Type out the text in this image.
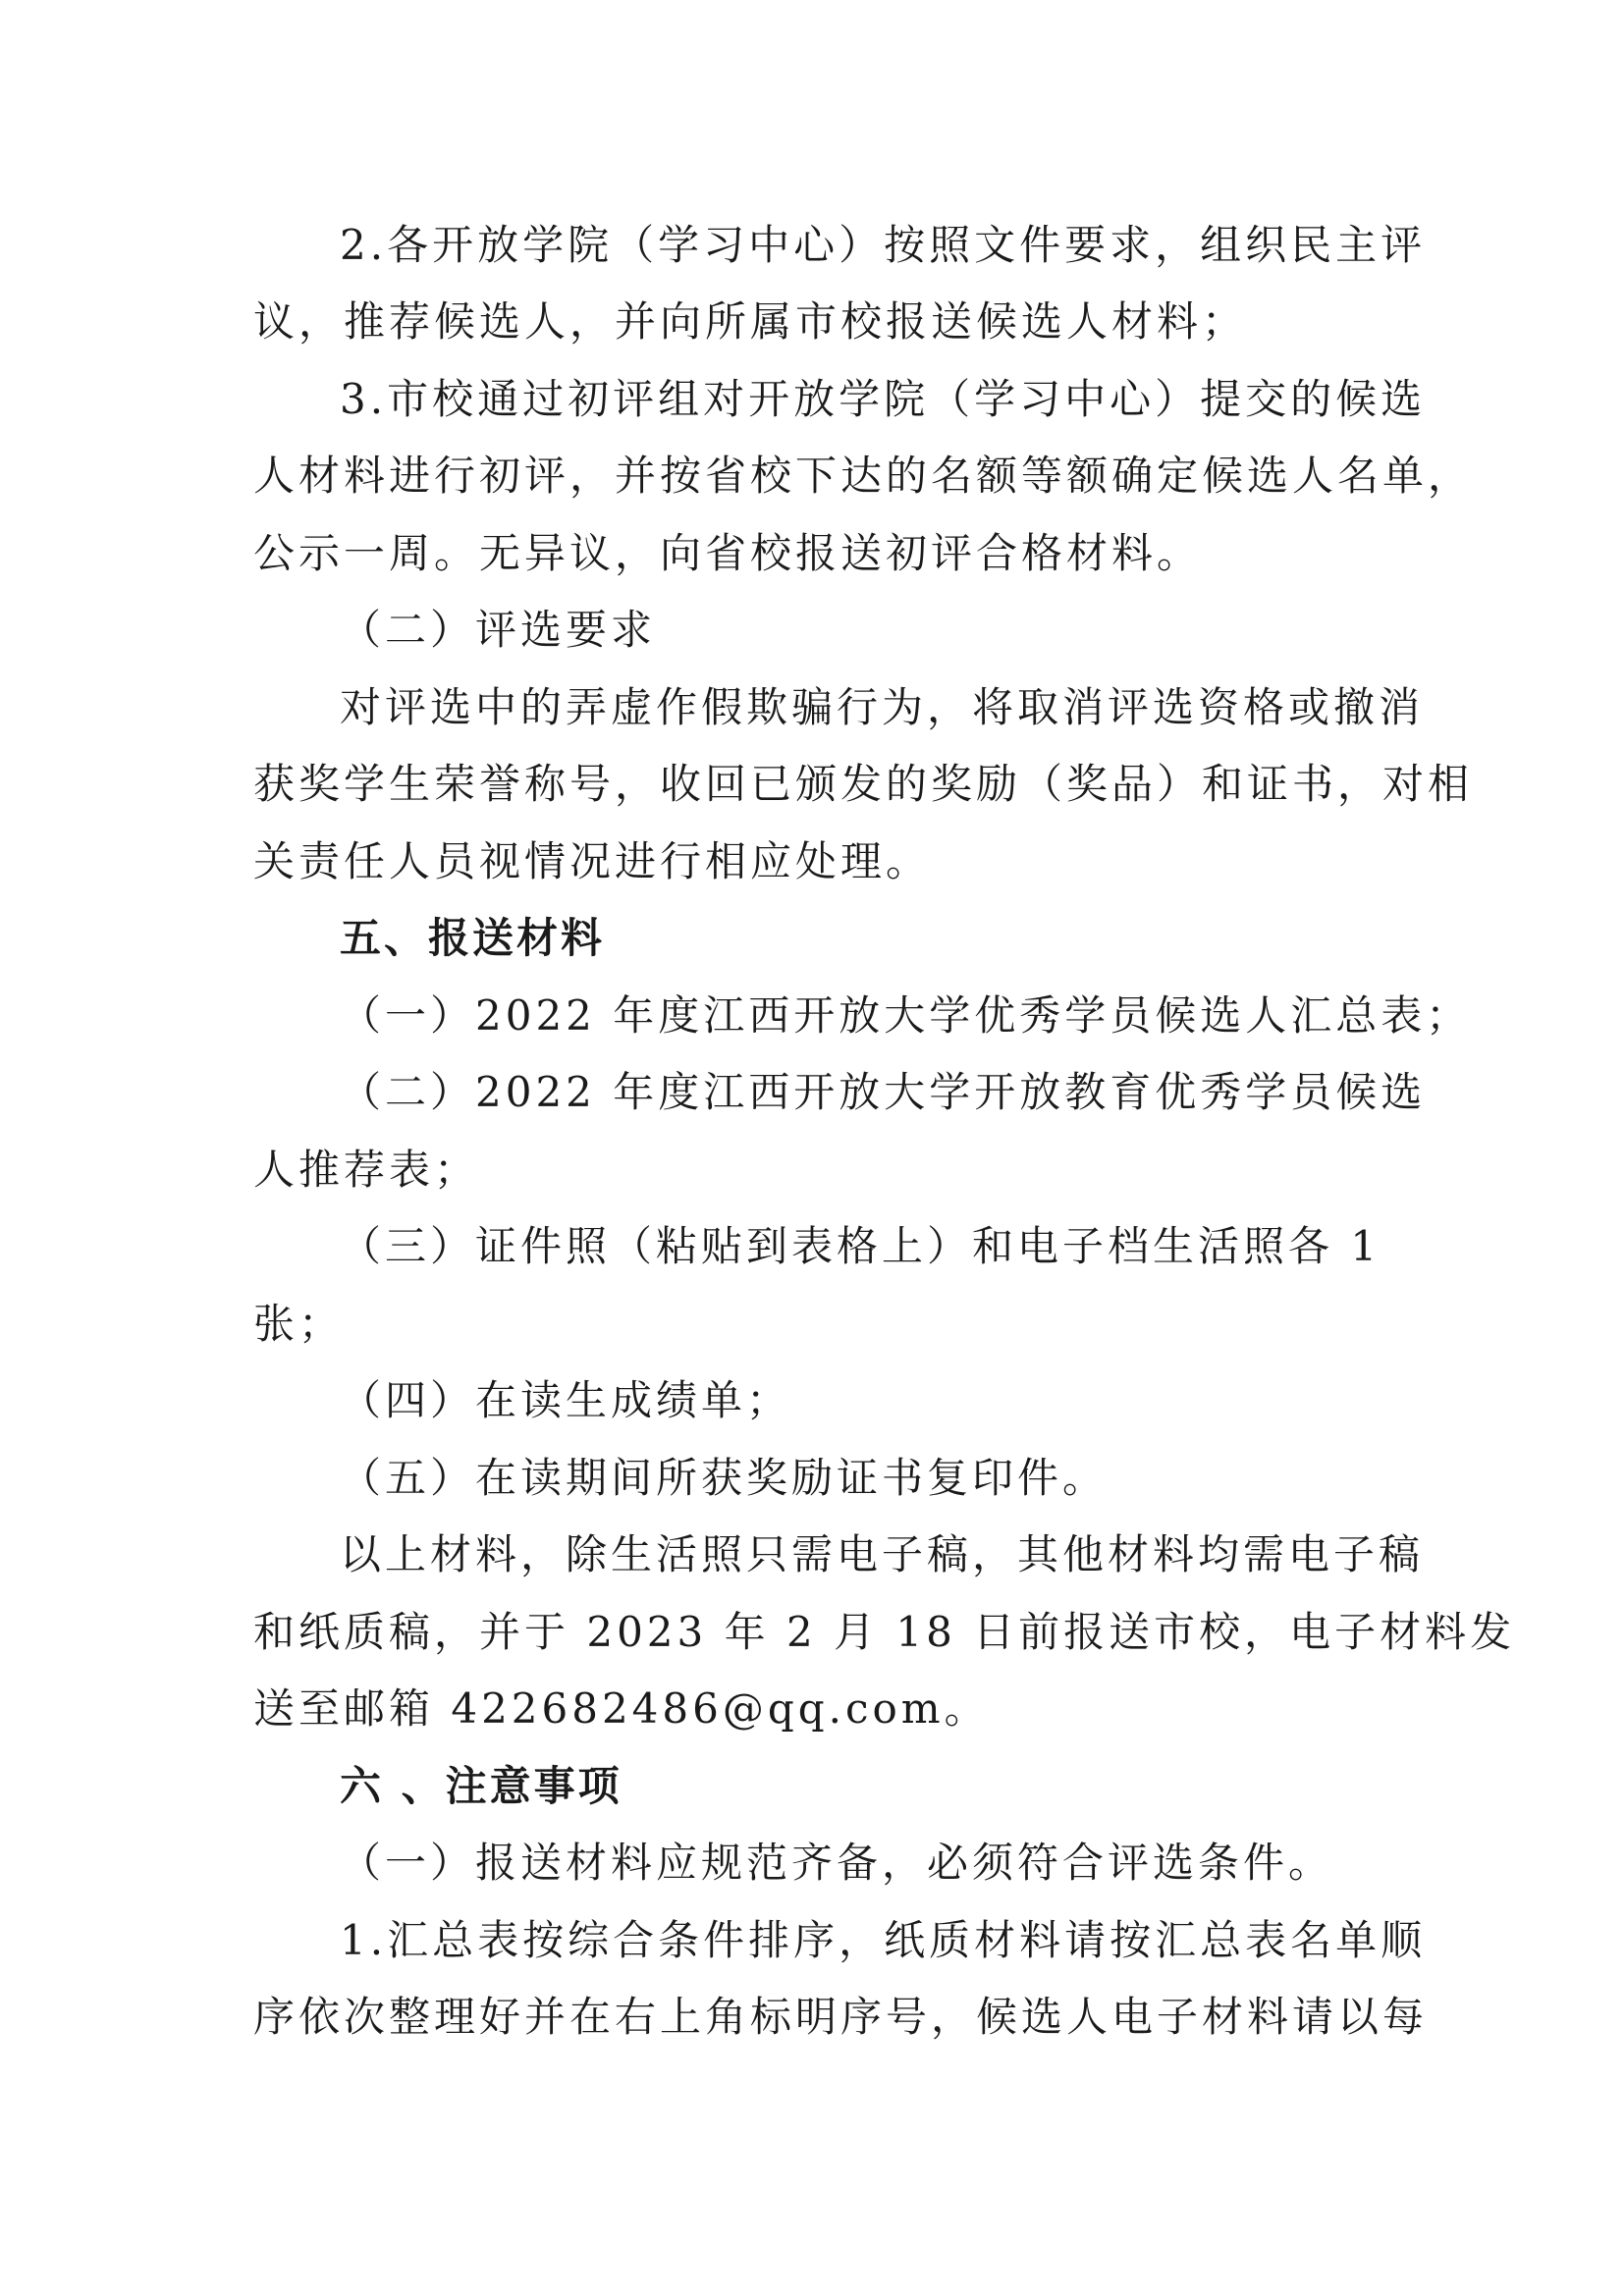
2.各开放学院（学习中心）按照文件要求，组织民主评
议，推荐候选人，并向所属市校报送候选人材料；
3.市校通过初评组对开放学院（学习中心）提交的候选
人材料进行初评，并按省校下达的名额等额确定候选人名单，
公示一周。无异议，向省校报送初评合格材料。
（二）评选要求
对评选中的弄虚作假欺骗行为，将取消评选资格或撤消
获奖学生荣誉称号，收回已颁发的奖励（奖品）和证书，对相
关责任人员视情况进行相应处理。
五、报送材料
（一）2022 年度江西开放大学优秀学员候选人汇总表；
（二）2022 年度江西开放大学开放教育优秀学员候选
人推荐表；
（三）证件照（粘贴到表格上）和电子档生活照各 1
张；
（四）在读生成绩单；
（五）在读期间所获奖励证书复印件。
以上材料，除生活照只需电子稿，其他材料均需电子稿
和纸质稿，并于 2023 年 2 月 18 日前报送市校，电子材料发
送至邮箱 422682486@qq.com。
六 、注意事项
（一）报送材料应规范齐备，必须符合评选条件。
1.汇总表按综合条件排序，纸质材料请按汇总表名单顺
序依次整理好并在右上角标明序号，候选人电子材料请以每
